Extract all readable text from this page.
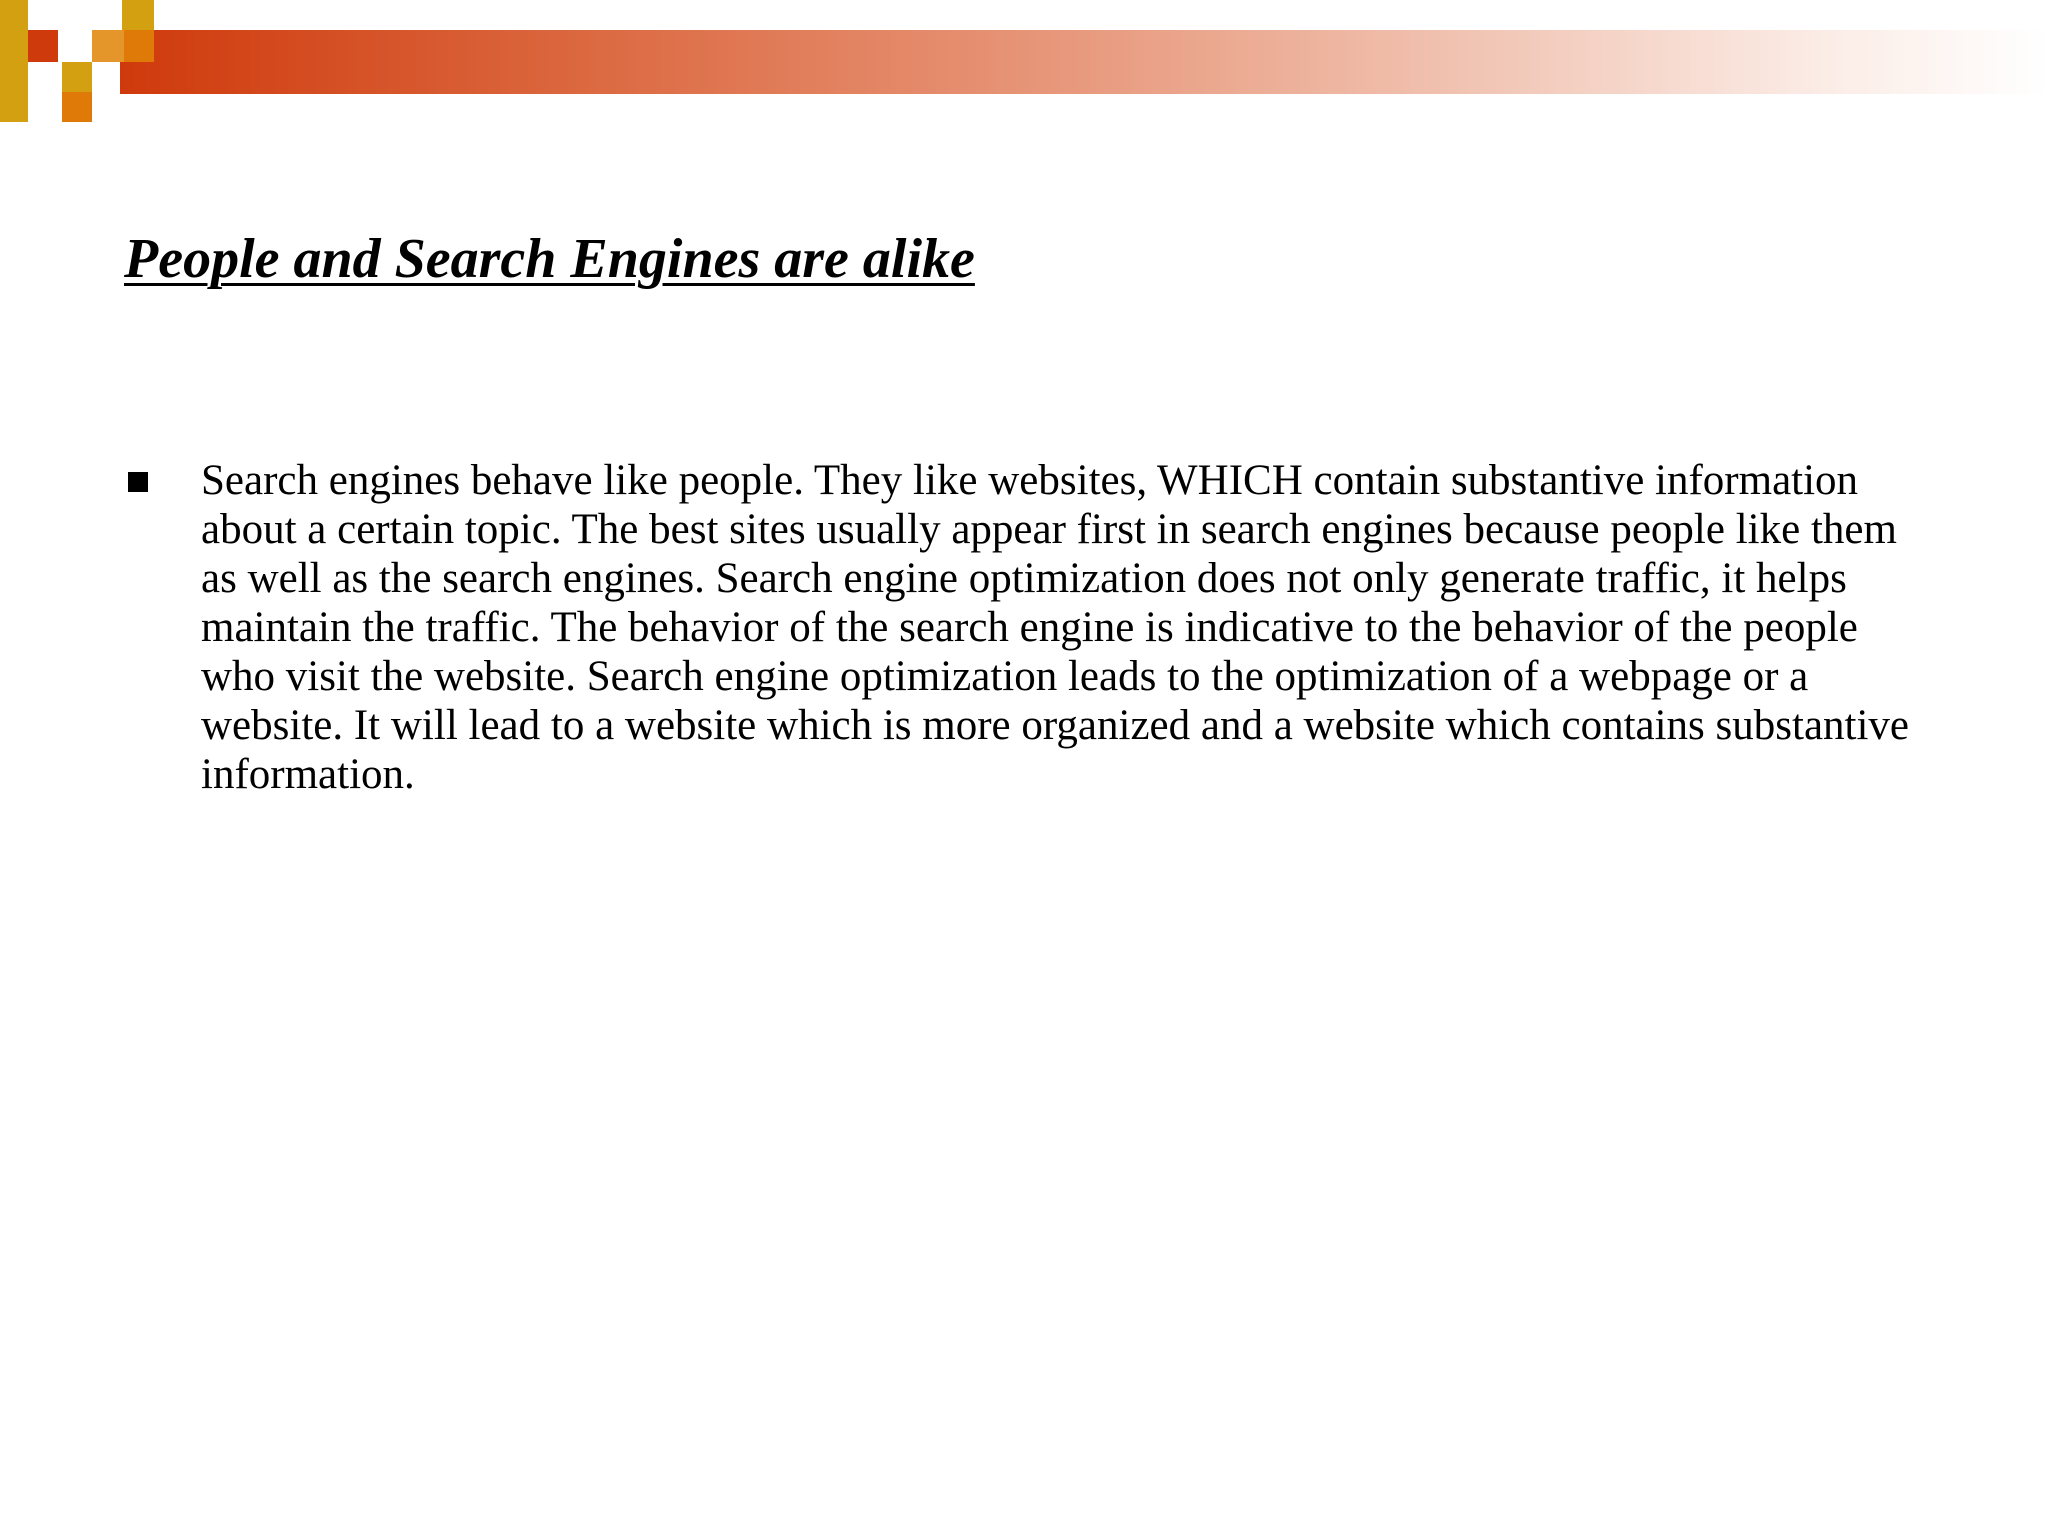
People and Search Engines are alike
Search engines behave like people. They like websites, WHICH contain substantive information about a certain topic. The best sites usually appear first in search engines because people like them as well as the search engines. Search engine optimization does not only generate traffic, it helps maintain the traffic. The behavior of the search engine is indicative to the behavior of the people who visit the website. Search engine optimization leads to the optimization of a webpage or a website. It will lead to a website which is more organized and a website which contains substantive information.
